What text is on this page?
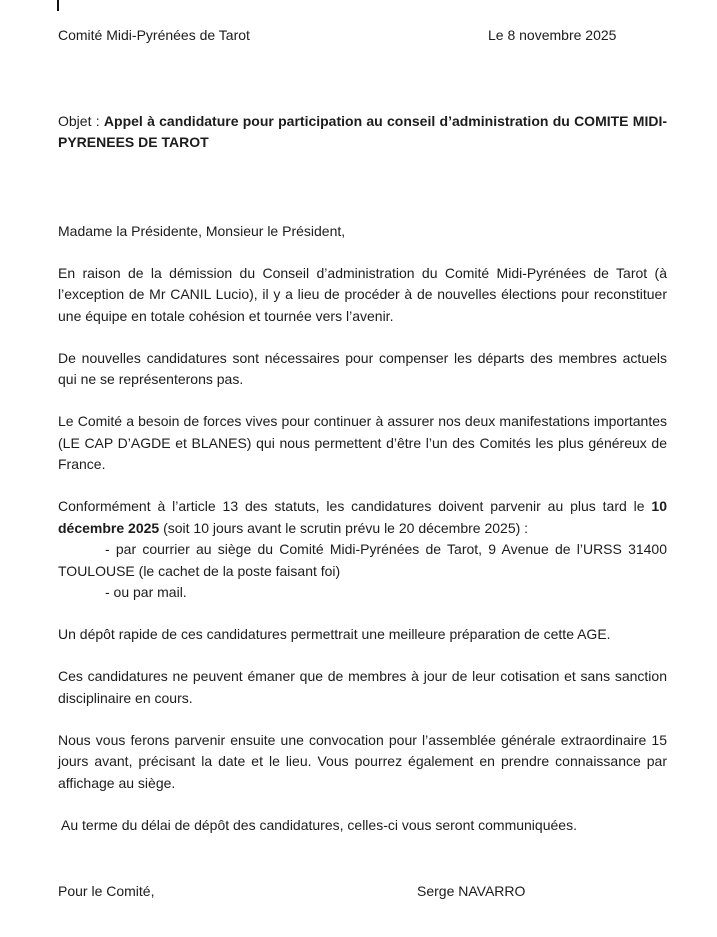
Comité Midi-Pyrénées de Tarot	Le 8 novembre 2025
Objet : Appel à candidature pour participation au conseil d’administration du COMITE MIDI-PYRENEES DE TAROT
Madame la Présidente, Monsieur le Président,
En raison de la démission du Conseil d’administration du Comité Midi-Pyrénées de Tarot (à l’exception de Mr CANIL Lucio), il y a lieu de procéder à de nouvelles élections pour reconstituer une équipe en totale cohésion et tournée vers l’avenir.
De nouvelles candidatures sont nécessaires pour compenser les départs des membres actuels qui ne se représenterons pas.
Le Comité a besoin de forces vives pour continuer à assurer nos deux manifestations importantes (LE CAP D’AGDE et BLANES) qui nous permettent d’être l’un des Comités les plus généreux de France.
Conformément à l’article 13 des statuts, les candidatures doivent parvenir au plus tard le 10 décembre 2025 (soit 10 jours avant le scrutin prévu le 20 décembre 2025) :
- par courrier au siège du Comité Midi-Pyrénées de Tarot, 9 Avenue de l’URSS 31400 TOULOUSE (le cachet de la poste faisant foi)
- ou par mail.
Un dépôt rapide de ces candidatures permettrait une meilleure préparation de cette AGE.
Ces candidatures ne peuvent émaner que de membres à jour de leur cotisation et sans sanction disciplinaire en cours.
Nous vous ferons parvenir ensuite une convocation pour l’assemblée générale extraordinaire 15 jours avant, précisant la date et le lieu. Vous pourrez également en prendre connaissance par affichage au siège.
Au terme du délai de dépôt des candidatures, celles-ci vous seront communiquées.
Pour le Comité,	Serge NAVARRO
